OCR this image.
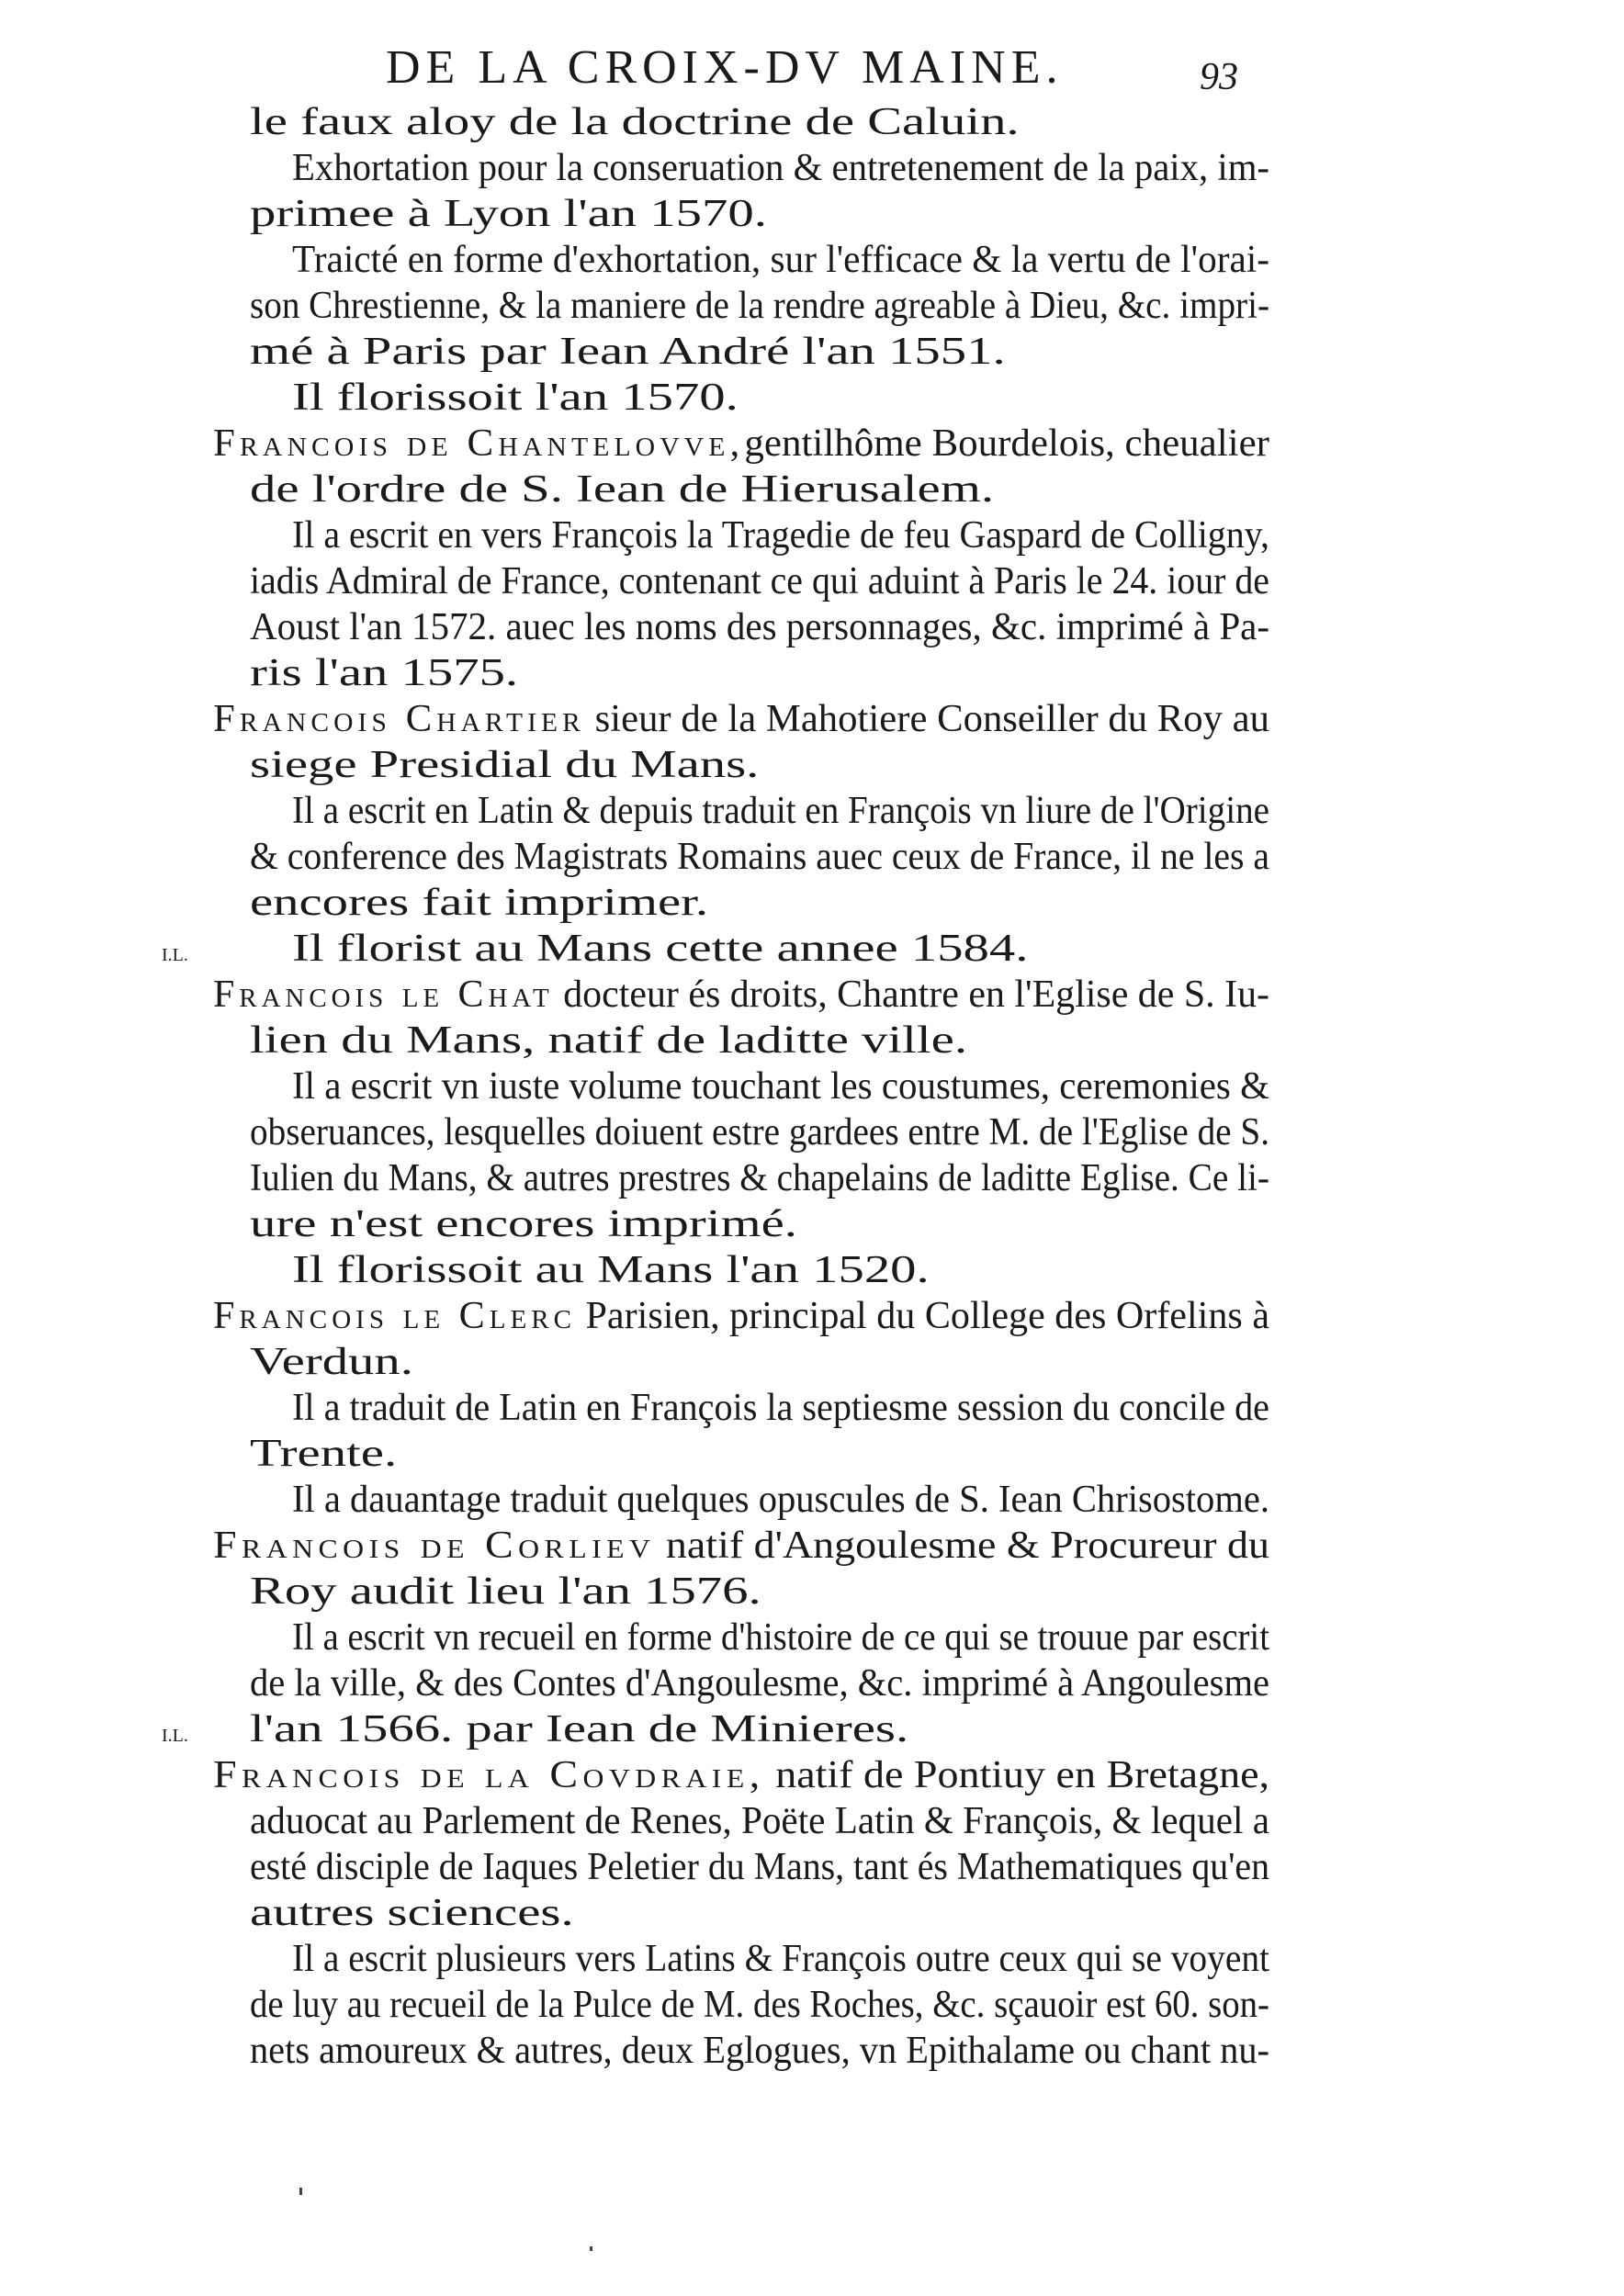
DE LA CROIX-DV MAINE.	93
le faux aloy de la doctrine de Caluin.
Exhortation pour la conseruation & entretenement de la paix, im-
primee à Lyon l'an 1570.
Traicté en forme d'exhortation, sur l'efficace & la vertu de l'orai-
son Chrestienne, & la maniere de la rendre agreable à Dieu, &c. impri-
mé à Paris par Iean André l'an 1551.
Il florissoit l'an 1570.
Francois de Chantelovve,gentilhôme Bourdelois, cheualier
de l'ordre de S. Iean de Hierusalem.
Il a escrit en vers François la Tragedie de feu Gaspard de Colligny,
iadis Admiral de France, contenant ce qui aduint à Paris le 24. iour de
Aoust l'an 1572. auec les noms des personnages, &c. imprimé à Pa-
ris l'an 1575.
Francois Chartier sieur de la Mahotiere Conseiller du Roy au
siege Presidial du Mans.
Il a escrit en Latin & depuis traduit en François vn liure de l'Origine
& conference des Magistrats Romains auec ceux de France, il ne les a
encores fait imprimer.
Il florist au Mans cette annee 1584.
I.L.
Francois le Chat docteur és droits, Chantre en l'Eglise de S. Iu-
lien du Mans, natif de laditte ville.
Il a escrit vn iuste volume touchant les coustumes, ceremonies &
obseruances, lesquelles doiuent estre gardees entre M. de l'Eglise de S.
Iulien du Mans, & autres prestres & chapelains de laditte Eglise. Ce li-
ure n'est encores imprimé.
Il florissoit au Mans l'an 1520.
Francois le Clerc Parisien, principal du College des Orfelins à
Verdun.
Il a traduit de Latin en François la septiesme session du concile de
Trente.
Il a dauantage traduit quelques opuscules de S. Iean Chrisostome.
Francois de Corliev natif d'Angoulesme & Procureur du
Roy audit lieu l'an 1576.
Il a escrit vn recueil en forme d'histoire de ce qui se trouue par escrit
de la ville, & des Contes d'Angoulesme, &c. imprimé à Angoulesme
l'an 1566. par Iean de Minieres.
I.L.
Francois de la Covdraie, natif de Pontiuy en Bretagne,
aduocat au Parlement de Renes, Poëte Latin & François, & lequel a
esté disciple de Iaques Peletier du Mans, tant és Mathematiques qu'en
autres sciences.
Il a escrit plusieurs vers Latins & François outre ceux qui se voyent
de luy au recueil de la Pulce de M. des Roches, &c. sçauoir est 60. son-
nets amoureux & autres, deux Eglogues, vn Epithalame ou chant nu-
